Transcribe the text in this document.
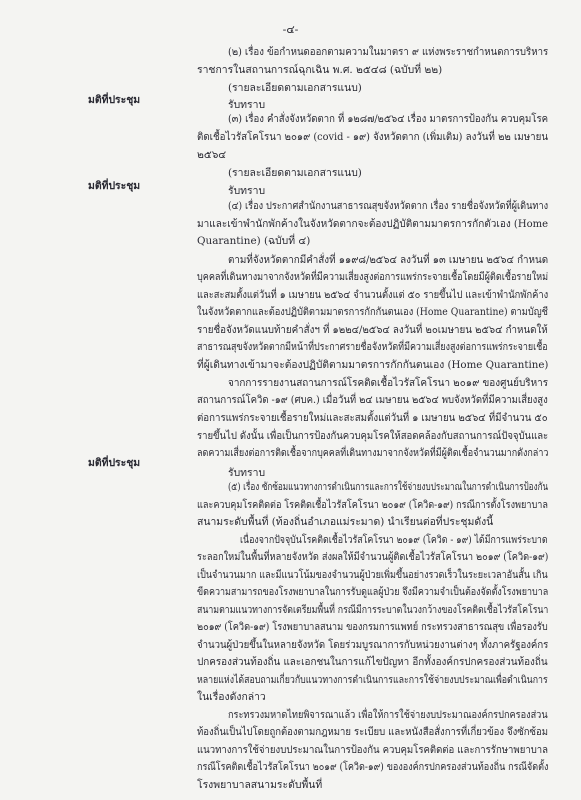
-๔-
(๒) เรื่อง ข้อกำหนดออกตามความในมาตรา ๙ แห่งพระราชกำหนดการบริหาร
ราชการในสถานการณ์ฉุกเฉิน พ.ศ. ๒๕๔๘ (ฉบับที่ ๒๒)
(รายละเอียดตามเอกสารแนบ)
มติที่ประชุม	รับทราบ
(๓) เรื่อง คำสั่งจังหวัดตาก ที่ ๑๒๘๗/๒๕๖๔ เรื่อง มาตรการป้องกัน ควบคุมโรค
ติดเชื้อไวรัสโคโรนา ๒๐๑๙ (covid - ๑๙) จังหวัดตาก (เพิ่มเติม) ลงวันที่ ๒๒ เมษายน
๒๕๖๔
(รายละเอียดตามเอกสารแนบ)
มติที่ประชุม	รับทราบ
(๔) เรื่อง ประกาศสำนักงานสาธารณสุขจังหวัดตาก เรื่อง รายชื่อจังหวัดที่ผู้เดินทาง
มาและเข้าพำนักพักค้างในจังหวัดตากจะต้องปฏิบัติตามมาตรการกักตัวเอง (Home
Quarantine) (ฉบับที่ ๔)
ตามที่จังหวัดตากมีคำสั่งที่ ๑๑๙๘/๒๕๖๔ ลงวันที่ ๑๓ เมษายน ๒๕๖๔ กำหนด
บุคคลที่เดินทางมาจากจังหวัดที่มีความเสี่ยงสูงต่อการแพร่กระจายเชื้อโดยมีผู้ติดเชื้อรายใหม่
และสะสมตั้งแต่วันที่ ๑ เมษายน ๒๕๖๔ จำนวนตั้งแต่ ๕๐ รายขึ้นไป และเข้าพำนักพักค้าง
ในจังหวัดตากและต้องปฏิบัติตามมาตรการกักกันตนเอง (Home Quarantine) ตามบัญชี
รายชื่อจังหวัดแนบท้ายคำสั่งฯ ที่ ๑๒๒๔/๒๕๖๔ ลงวันที่ ๒๐เมษายน ๒๕๖๔ กำหนดให้
สาธารณสุขจังหวัดตากมีหน้าที่ประกาศรายชื่อจังหวัดที่มีความเสี่ยงสูงต่อการแพร่กระจายเชื้อ
ที่ผู้เดินทางเข้ามาจะต้องปฏิบัติตามมาตรการกักกันตนเอง (Home Quarantine)
จากการรายงานสถานการณ์โรคติดเชื้อไวรัสโคโรนา ๒๐๑๙ ของศูนย์บริหาร
สถานการณ์โควิด -๑๙ (ศบค.) เมื่อวันที่ ๒๔ เมษายน ๒๕๖๔ พบจังหวัดที่มีความเสี่ยงสูง
ต่อการแพร่กระจายเชื้อรายใหม่และสะสมตั้งแต่วันที่ ๑ เมษายน ๒๕๖๔ ที่มีจำนวน ๕๐
รายขึ้นไป ดังนั้น เพื่อเป็นการป้องกันควบคุมโรคให้สอดคล้องกับสถานการณ์ปัจจุบันและ
ลดความเสี่ยงต่อการติดเชื้อจากบุคคลที่เดินทางมาจากจังหวัดที่มีผู้ติดเชื้อจำนวนมากดังกล่าว
มติที่ประชุม
รับทราบ
(๕) เรื่อง ซักซ้อมแนวทางการดำเนินการและการใช้จ่ายงบประมาณในการดำเนินการป้องกัน
และควบคุมโรคติดต่อ โรคติดเชื้อไวรัสโคโรนา ๒๐๑๙ (โควิด-๑๙) กรณีการตั้งโรงพยาบาล
สนามระดับพื้นที่ (ท้องถิ่นอำเภอแม่ระมาด) นำเรียนต่อที่ประชุมดังนี้
เนื่องจากปัจจุบันโรคติดเชื้อไวรัสโคโรนา ๒๐๑๙ (โควิด - ๑๙) ได้มีการแพร่ระบาด
ระลอกใหม่ในพื้นที่หลายจังหวัด ส่งผลให้มีจำนวนผู้ติดเชื้อไวรัสโคโรนา ๒๐๑๙ (โควิด-๑๙)
เป็นจำนวนมาก และมีแนวโน้มของจำนวนผู้ป่วยเพิ่มขึ้นอย่างรวดเร็วในระยะเวลาอันสั้น เกิน
ขีดความสามารถของโรงพยาบาลในการรับดูแลผู้ป่วย จึงมีความจำเป็นต้องจัดตั้งโรงพยาบาล
สนามตามแนวทางการจัดเตรียมพื้นที่ กรณีมีการระบาดในวงกว้างของโรคติดเชื้อไวรัสโคโรนา
๒๐๑๙ (โควิด-๑๙) โรงพยาบาลสนาม ของกรมการแพทย์ กระทรวงสาธารณสุข เพื่อรองรับ
จำนวนผู้ป่วยขึ้นในหลายจังหวัด โดยร่วมบูรณาการกับหน่วยงานต่างๆ ทั้งภาครัฐองค์กร
ปกครองส่วนท้องถิ่น และเอกชนในการแก้ไขปัญหา อีกทั้งองค์กรปกครองส่วนท้องถิ่น
หลายแห่งได้สอบถามเกี่ยวกับแนวทางการดำเนินการและการใช้จ่ายงบประมาณเพื่อดำเนินการ
ในเรื่องดังกล่าว
กระทรวงมหาดไทยพิจารณาแล้ว เพื่อให้การใช้จ่ายงบประมาณองค์กรปกครองส่วน
ท้องถิ่นเป็นไปโดยถูกต้องตามกฎหมาย ระเบียบ และหนังสือสั่งการที่เกี่ยวข้อง จึงซักซ้อม
แนวทางการใช้จ่ายงบประมาณในการป้องกัน ควบคุมโรคติดต่อ และการรักษาพยาบาล
กรณีโรคติดเชื้อไวรัสโคโรนา ๒๐๑๙ (โควิด-๑๙) ขององค์กรปกครองส่วนท้องถิ่น กรณีจัดตั้ง
โรงพยาบาลสนามระดับพื้นที่
